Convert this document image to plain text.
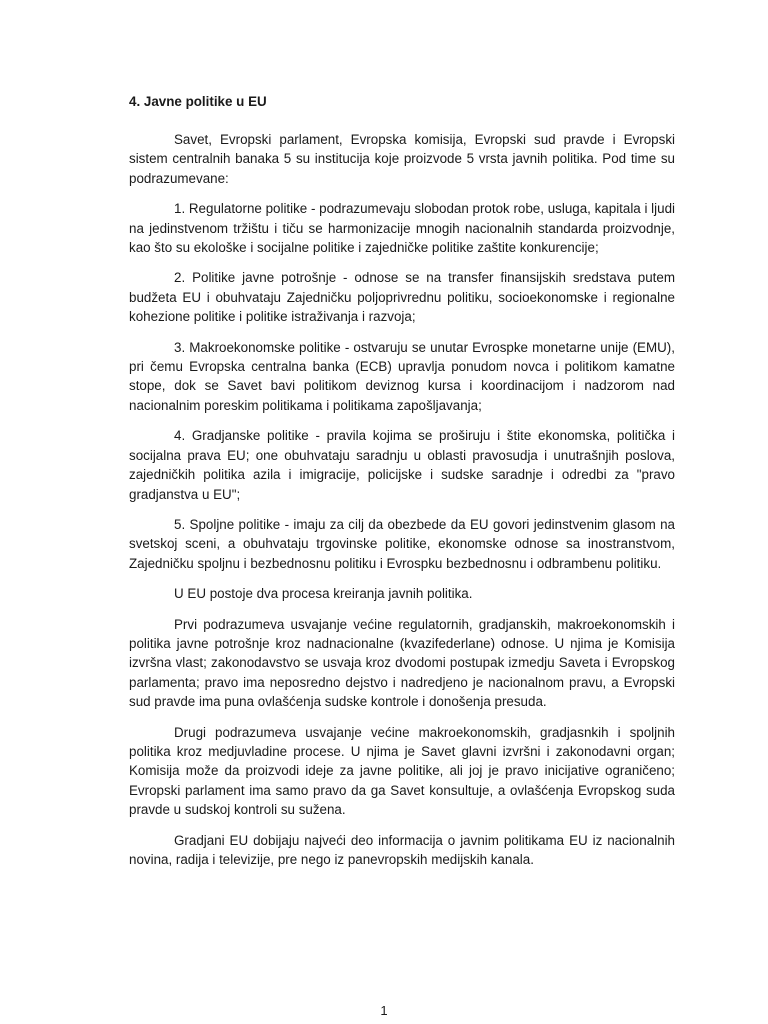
4. Javne politike u EU

Savet, Evropski parlament, Evropska komisija, Evropski sud pravde i Evropski sistem centralnih banaka 5 su institucija koje proizvode 5 vrsta javnih politika. Pod time su podrazumevane:

1. Regulatorne politike - podrazumevaju slobodan protok robe, usluga, kapitala i ljudi na jedinstvenom tržištu i tiču se harmonizacije mnogih nacionalnih standarda proizvodnje, kao što su ekološke i socijalne politike i zajedničke politike zaštite konkurencije;

2. Politike javne potrošnje - odnose se na transfer finansijskih sredstava putem budžeta EU i obuhvataju Zajedničku poljoprivrednu politiku, socioekonomske i regionalne kohezione politike i politike istraživanja i razvoja;

3. Makroekonomske politike - ostvaruju se unutar Evrospke monetarne unije (EMU), pri čemu Evropska centralna banka (ECB) upravlja ponudom novca i politikom kamatne stope, dok se Savet bavi politikom deviznog kursa i koordinacijom i nadzorom nad nacionalnim poreskim politikama i politikama zapošljavanja;

4. Gradjanske politike - pravila kojima se proširuju i štite ekonomska, politička i socijalna prava EU; one obuhvataju saradnju u oblasti pravosudja i unutrašnjih poslova, zajedničkih politika azila i imigracije, policijske i sudske saradnje i odredbi za "pravo gradjanstva u EU";

5. Spoljne politike - imaju za cilj da obezbede da EU govori jedinstvenim glasom na svetskoj sceni, a obuhvataju trgovinske politike, ekonomske odnose sa inostranstvom, Zajedničku spoljnu i bezbednosnu politiku i Evrospku bezbednosnu i odbrambenu politiku.

U EU postoje dva procesa kreiranja javnih politika.

Prvi podrazumeva usvajanje većine regulatornih, gradjanskih, makroekonomskih i politika javne potrošnje kroz nadnacionalne (kvazifederlane) odnose. U njima je Komisija izvršna vlast; zakonodavstvo se usvaja kroz dvodomi postupak izmedju Saveta i Evropskog parlamenta; pravo ima neposredno dejstvo i nadredjeno je nacionalnom pravu, a Evropski sud pravde ima puna ovlašćenja sudske kontrole i donošenja presuda.

Drugi podrazumeva usvajanje većine makroekonomskih, gradjasnkih i spoljnih politika kroz medjuvladine procese. U njima je Savet glavni izvršni i zakonodavni organ; Komisija može da proizvodi ideje za javne politike, ali joj je pravo inicijative ograničeno; Evropski parlament ima samo pravo da ga Savet konsultuje, a ovlašćenja Evropskog suda pravde u sudskoj kontroli su sužena.

Gradjani EU dobijaju najveći deo informacija o javnim politikama EU iz nacionalnih novina, radija i televizije, pre nego iz panevropskih medijskih kanala.

1
